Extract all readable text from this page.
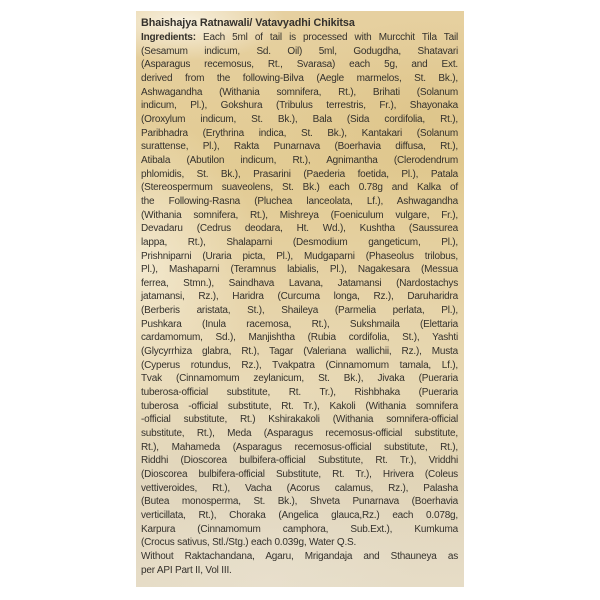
Bhaishajya Ratnawali/ Vatavyadhi Chikitsa
Ingredients: Each 5ml of tail is processed with Murcchit Tila Tail
(Sesamum indicum, Sd. Oil) 5ml, Godugdha, Shatavari
(Asparagus recemosus, Rt., Svarasa) each 5g, and Ext.
derived from the following-Bilva (Aegle marmelos, St. Bk.),
Ashwagandha (Withania somnifera, Rt.), Brihati (Solanum
indicum, Pl.), Gokshura (Tribulus terrestris, Fr.), Shayonaka
(Oroxylum indicum, St. Bk.), Bala (Sida cordifolia, Rt.),
Paribhadra (Erythrina indica, St. Bk.), Kantakari (Solanum
surattense, Pl.), Rakta Punarnava (Boerhavia diffusa, Rt.),
Atibala (Abutilon indicum, Rt.), Agnimantha (Clerodendrum
phlomidis, St. Bk.), Prasarini (Paederia foetida, Pl.), Patala
(Stereospermum suaveolens, St. Bk.) each 0.78g and Kalka of
the Following-Rasna (Pluchea lanceolata, Lf.), Ashwagandha
(Withania somnifera, Rt.), Mishreya (Foeniculum vulgare, Fr.),
Devadaru (Cedrus deodara, Ht. Wd.), Kushtha (Saussurea
lappa, Rt.), Shalaparni (Desmodium gangeticum, Pl.),
Prishniparni (Uraria picta, Pl.), Mudgaparni (Phaseolus trilobus,
Pl.), Mashaparni (Teramnus labialis, Pl.), Nagakesara (Messua
ferrea, Stmn.), Saindhava Lavana, Jatamansi (Nardostachys
jatamansi, Rz.), Haridra (Curcuma longa, Rz.), Daruharidra
(Berberis aristata, St.), Shaileya (Parmelia perlata, Pl.),
Pushkara (Inula racemosa, Rt.), Sukshmaila (Elettaria
cardamomum, Sd.), Manjishtha (Rubia cordifolia, St.), Yashti
(Glycyrrhiza glabra, Rt.), Tagar (Valeriana wallichii, Rz.), Musta
(Cyperus rotundus, Rz.), Tvakpatra (Cinnamomum tamala, Lf.),
Tvak (Cinnamomum zeylanicum, St. Bk.), Jivaka (Pueraria
tuberosa-official substitute, Rt. Tr.), Rishbhaka (Pueraria
tuberosa -official substitute, Rt. Tr.), Kakoli (Withania somnifera
-official substitute, Rt.) Kshirakakoli (Withania somnifera-official
substitute, Rt.), Meda (Asparagus recemosus-official substitute,
Rt.), Mahameda (Asparagus recemosus-official substitute, Rt.),
Riddhi (Dioscorea bulbifera-official Substitute, Rt. Tr.), Vriddhi
(Dioscorea bulbifera-official Substitute, Rt. Tr.), Hrivera (Coleus
vettiveroides, Rt.), Vacha (Acorus calamus, Rz.), Palasha
(Butea monosperma, St. Bk.), Shveta Punarnava (Boerhavia
verticillata, Rt.), Choraka (Angelica glauca,Rz.) each 0.078g,
Karpura (Cinnamomum camphora, Sub.Ext.), Kumkuma
(Crocus sativus, Stl./Stg.) each 0.039g, Water Q.S.
Without Raktachandana, Agaru, Mrigandaja and Sthauneya as
per API Part II, Vol III.
